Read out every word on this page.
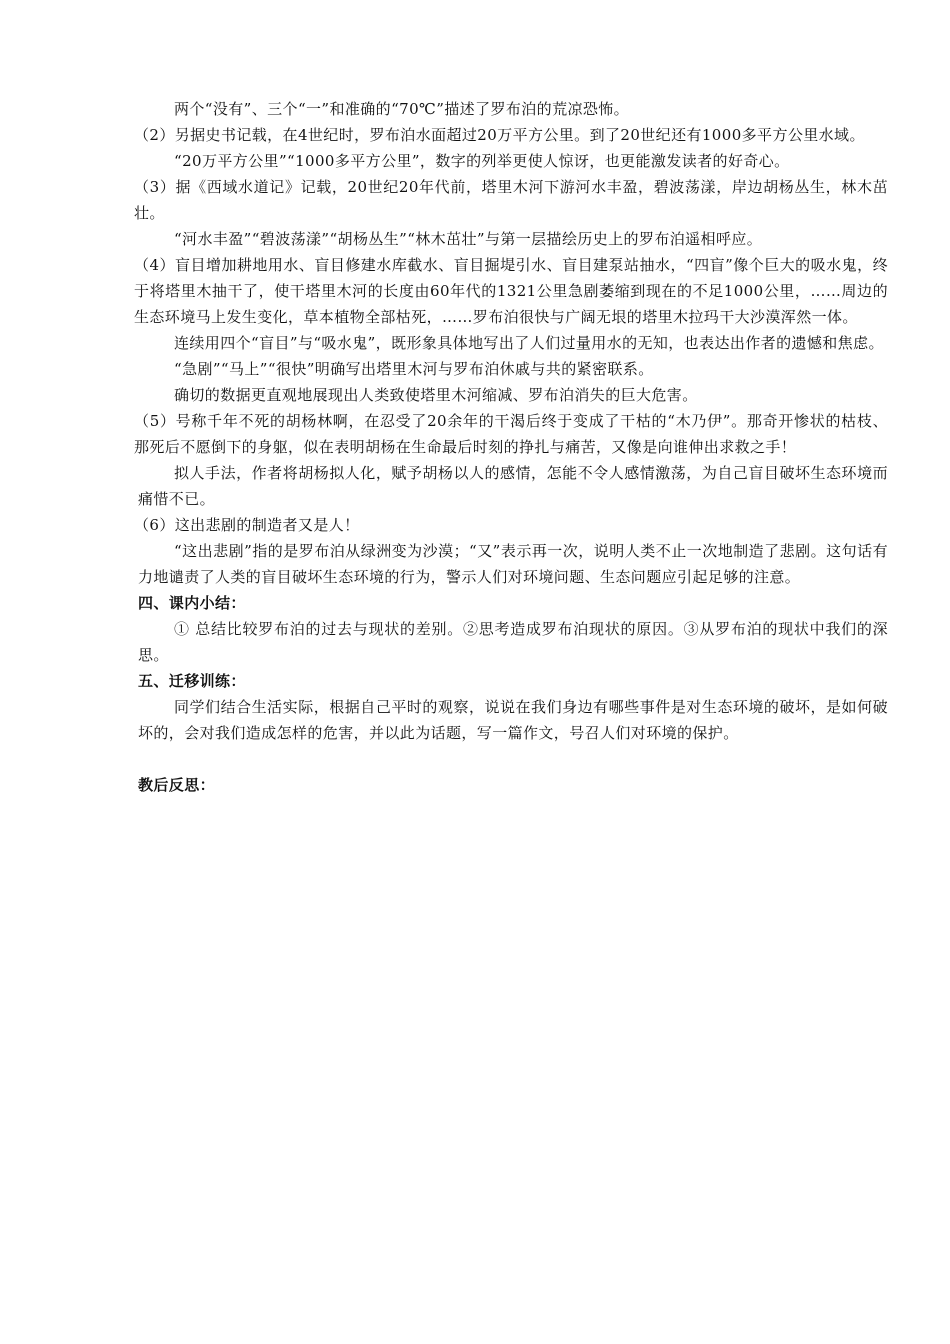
两个“没有”、三个“一”和准确的“70℃”描述了罗布泊的荒凉恐怖。

（2）另据史书记载，在4世纪时，罗布泊水面超过20万平方公里。到了20世纪还有1000多平方公里水域。

“20万平方公里”“1000多平方公里”，数字的列举更使人惊讶，也更能激发读者的好奇心。

（3）据《西域水道记》记载，20世纪20年代前，塔里木河下游河水丰盈，碧波荡漾，岸边胡杨丛生，林木茁壮。

“河水丰盈”“碧波荡漾”“胡杨丛生”“林木茁壮”与第一层描绘历史上的罗布泊遥相呼应。

（4）盲目增加耕地用水、盲目修建水库截水、盲目掘堤引水、盲目建泵站抽水，“四盲”像个巨大的吸水鬼，终于将塔里木抽干了，使干塔里木河的长度由60年代的1321公里急剧萎缩到现在的不足1000公里，……周边的生态环境马上发生变化，草本植物全部枯死，……罗布泊很快与广阔无垠的塔里木拉玛干大沙漠浑然一体。

连续用四个“盲目”与“吸水鬼”，既形象具体地写出了人们过量用水的无知，也表达出作者的遗憾和焦虑。

“急剧”“马上”“很快”明确写出塔里木河与罗布泊休戚与共的紧密联系。

确切的数据更直观地展现出人类致使塔里木河缩减、罗布泊消失的巨大危害。

（5）号称千年不死的胡杨林啊，在忍受了20余年的干渴后终于变成了干枯的“木乃伊”。那奇开惨状的枯枝、那死后不愿倒下的身躯，似在表明胡杨在生命最后时刻的挣扎与痛苦，又像是向谁伸出求救之手！

拟人手法，作者将胡杨拟人化，赋予胡杨以人的感情，怎能不令人感情激荡，为自己盲目破坏生态环境而痛惜不已。

（6）这出悲剧的制造者又是人！

“这出悲剧”指的是罗布泊从绿洲变为沙漠；“又”表示再一次，说明人类不止一次地制造了悲剧。这句话有力地谴责了人类的盲目破坏生态环境的行为，警示人们对环境问题、生态问题应引起足够的注意。

四、课内小结：

① 总结比较罗布泊的过去与现状的差别。②思考造成罗布泊现状的原因。③从罗布泊的现状中我们的深思。

五、迁移训练：

同学们结合生活实际，根据自己平时的观察，说说在我们身边有哪些事件是对生态环境的破坏，是如何破坏的，会对我们造成怎样的危害，并以此为话题，写一篇作文，号召人们对环境的保护。

教后反思：
